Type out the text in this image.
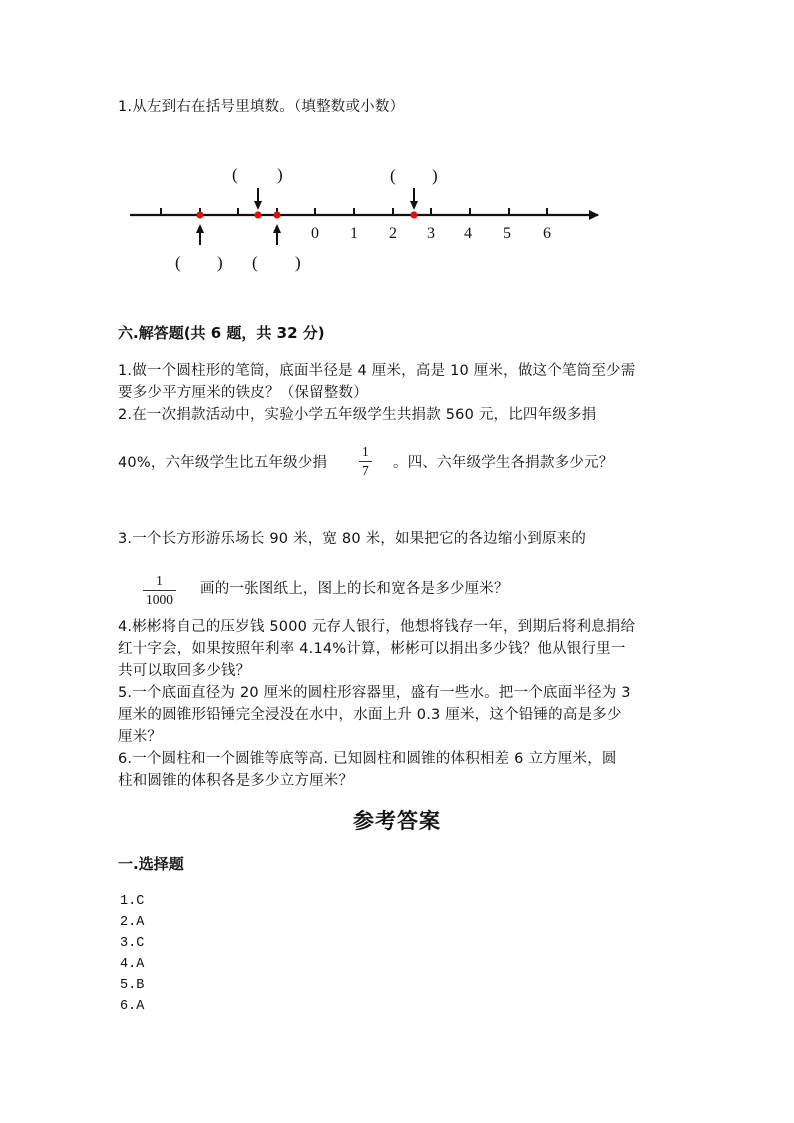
1.从左到右在括号里填数。（填整数或小数）
0 1 2 3 4 5 6
( )	( )
( ) ( )
六.解答题(共 6 题，共 32 分)
1.做一个圆柱形的笔筒，底面半径是 4 厘米，高是 10 厘米，做这个笔筒至少需
要多少平方厘米的铁皮？（保留整数）
2.在一次捐款活动中，实验小学五年级学生共捐款 560 元，比四年级多捐
40%，六年级学生比五年级少捐
1
7 。四、六年级学生各捐款多少元？
3.一个长方形游乐场长 90 米，宽 80 米，如果把它的各边缩小到原来的
1
1000
画的一张图纸上，图上的长和宽各是多少厘米？
4.彬彬将自己的压岁钱 5000 元存人银行，他想将钱存一年，到期后将利息捐给
红十字会，如果按照年利率 4.14%计算，彬彬可以捐出多少钱？他从银行里一
共可以取回多少钱？
5.一个底面直径为 20 厘米的圆柱形容器里，盛有一些水。把一个底面半径为 3
厘米的圆锥形铅锤完全浸没在水中，水面上升 0.3 厘米，这个铅锤的高是多少
厘米？
6.一个圆柱和一个圆锥等底等高. 已知圆柱和圆锥的体积相差 6 立方厘米，圆
柱和圆锥的体积各是多少立方厘米？
参考答案
一.选择题
1.C
2.A
3.C
4.A
5.B
6.A
